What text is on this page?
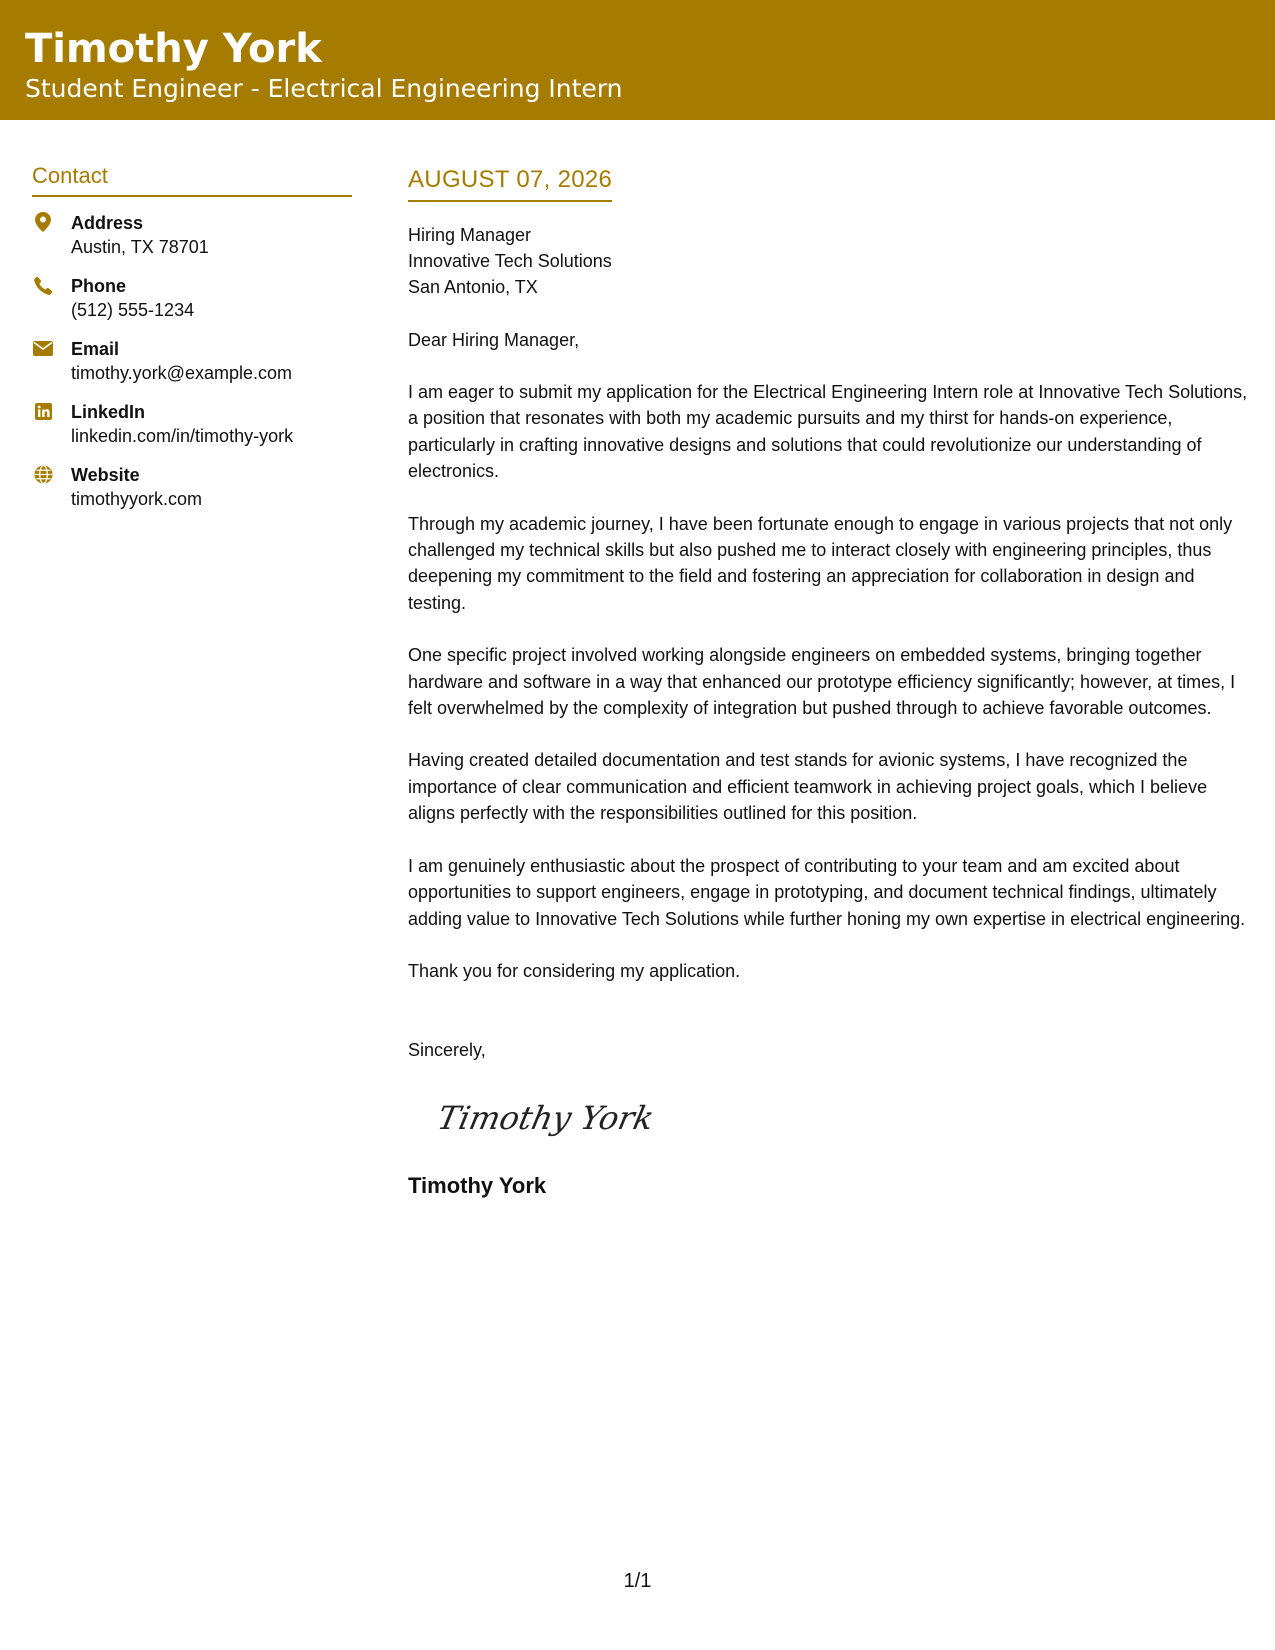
Timothy York
Student Engineer - Electrical Engineering Intern
Contact
Address
Austin, TX 78701
Phone
(512) 555-1234
Email
timothy.york@example.com
LinkedIn
linkedin.com/in/timothy-york
Website
timothyyork.com
AUGUST 07, 2026
Hiring Manager
Innovative Tech Solutions
San Antonio, TX
Dear Hiring Manager,
I am eager to submit my application for the Electrical Engineering Intern role at Innovative Tech Solutions, a position that resonates with both my academic pursuits and my thirst for hands-on experience, particularly in crafting innovative designs and solutions that could revolutionize our understanding of electronics.
Through my academic journey, I have been fortunate enough to engage in various projects that not only challenged my technical skills but also pushed me to interact closely with engineering principles, thus deepening my commitment to the field and fostering an appreciation for collaboration in design and testing.
One specific project involved working alongside engineers on embedded systems, bringing together hardware and software in a way that enhanced our prototype efficiency significantly; however, at times, I felt overwhelmed by the complexity of integration but pushed through to achieve favorable outcomes.
Having created detailed documentation and test stands for avionic systems, I have recognized the importance of clear communication and efficient teamwork in achieving project goals, which I believe aligns perfectly with the responsibilities outlined for this position.
I am genuinely enthusiastic about the prospect of contributing to your team and am excited about opportunities to support engineers, engage in prototyping, and document technical findings, ultimately adding value to Innovative Tech Solutions while further honing my own expertise in electrical engineering.
Thank you for considering my application.
Sincerely,
Timothy York
Timothy York
1/1
